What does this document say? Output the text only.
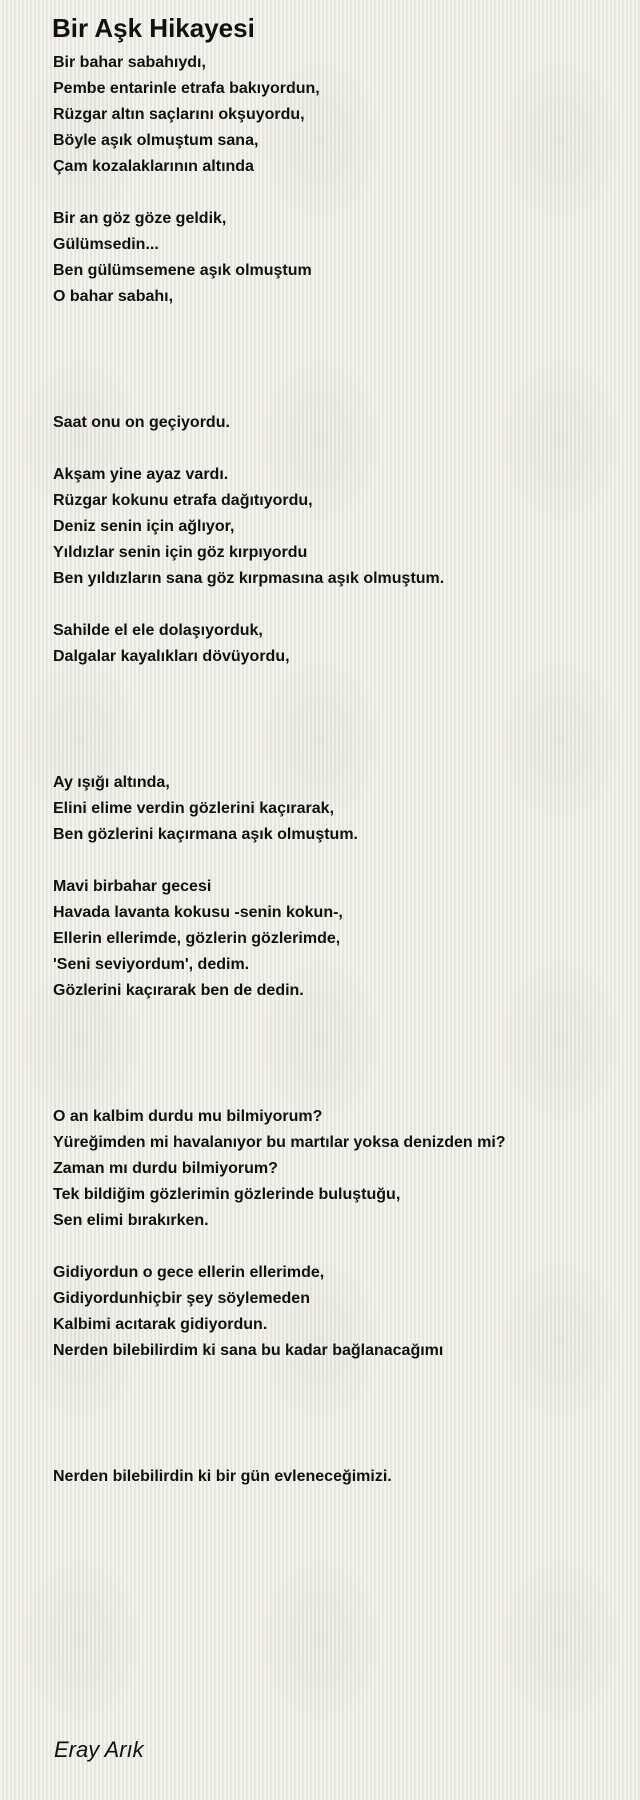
Bir Aşk Hikayesi
Bir bahar sabahıydı,
Pembe entarinle etrafa bakıyordun,
Rüzgar altın saçlarını okşuyordu,
Böyle aşık olmuştum sana,
Çam kozalaklarının altında
Bir an göz göze geldik,
Gülümsedin...
Ben gülümsemene aşık olmuştum
O bahar sabahı,
Saat onu on geçiyordu.
Akşam yine ayaz vardı.
Rüzgar kokunu etrafa dağıtıyordu,
Deniz senin için ağlıyor,
Yıldızlar senin için göz kırpıyordu
Ben yıldızların sana göz kırpmasına aşık olmuştum.
Sahilde el ele dolaşıyorduk,
Dalgalar kayalıkları dövüyordu,
Ay ışığı altında,
Elini elime verdin gözlerini kaçırarak,
Ben gözlerini kaçırmana aşık olmuştum.
Mavi birbahar gecesi
Havada lavanta kokusu -senin kokun-,
Ellerin ellerimde, gözlerin gözlerimde,
'Seni seviyordum', dedim.
Gözlerini kaçırarak ben de dedin.
O an kalbim durdu mu bilmiyorum?
Yüreğimden mi havalanıyor bu martılar yoksa denizden mi?
Zaman mı durdu bilmiyorum?
Tek bildiğim gözlerimin gözlerinde buluştuğu,
Sen elimi bırakırken.
Gidiyordun o gece ellerin ellerimde,
Gidiyordunhiçbir şey söylemeden
Kalbimi acıtarak gidiyordun.
Nerden bilebilirdim ki sana bu kadar bağlanacağımı
Nerden bilebilirdin ki bir gün evleneceğimizi.
Eray Arık
